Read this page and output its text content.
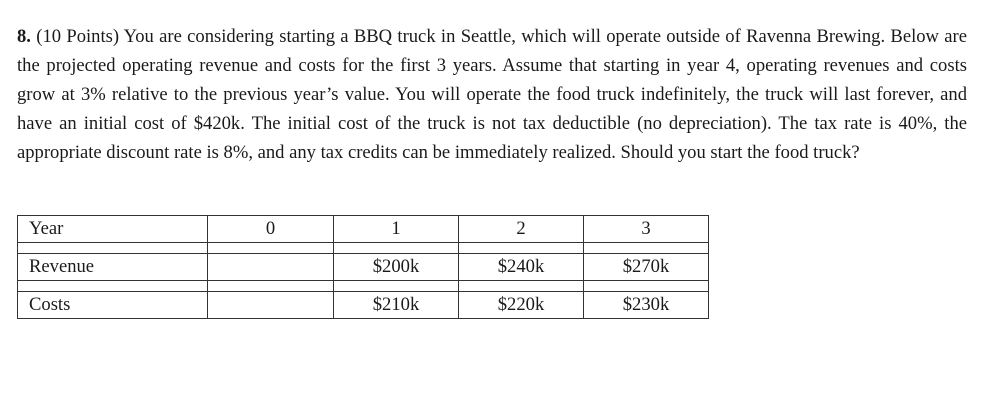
8. (10 Points) You are considering starting a BBQ truck in Seattle, which will operate outside of Ravenna Brewing. Below are the projected operating revenue and costs for the first 3 years. Assume that starting in year 4, operating revenues and costs grow at 3% relative to the previous year’s value. You will operate the food truck indefinitely, the truck will last forever, and have an initial cost of $420k. The initial cost of the truck is not tax deductible (no depreciation). The tax rate is 40%, the appropriate discount rate is 8%, and any tax credits can be immediately realized. Should you start the food truck?

Year	0	1	2	3

Revenue		$200k	$240k	$270k

Costs		$210k	$220k	$230k
